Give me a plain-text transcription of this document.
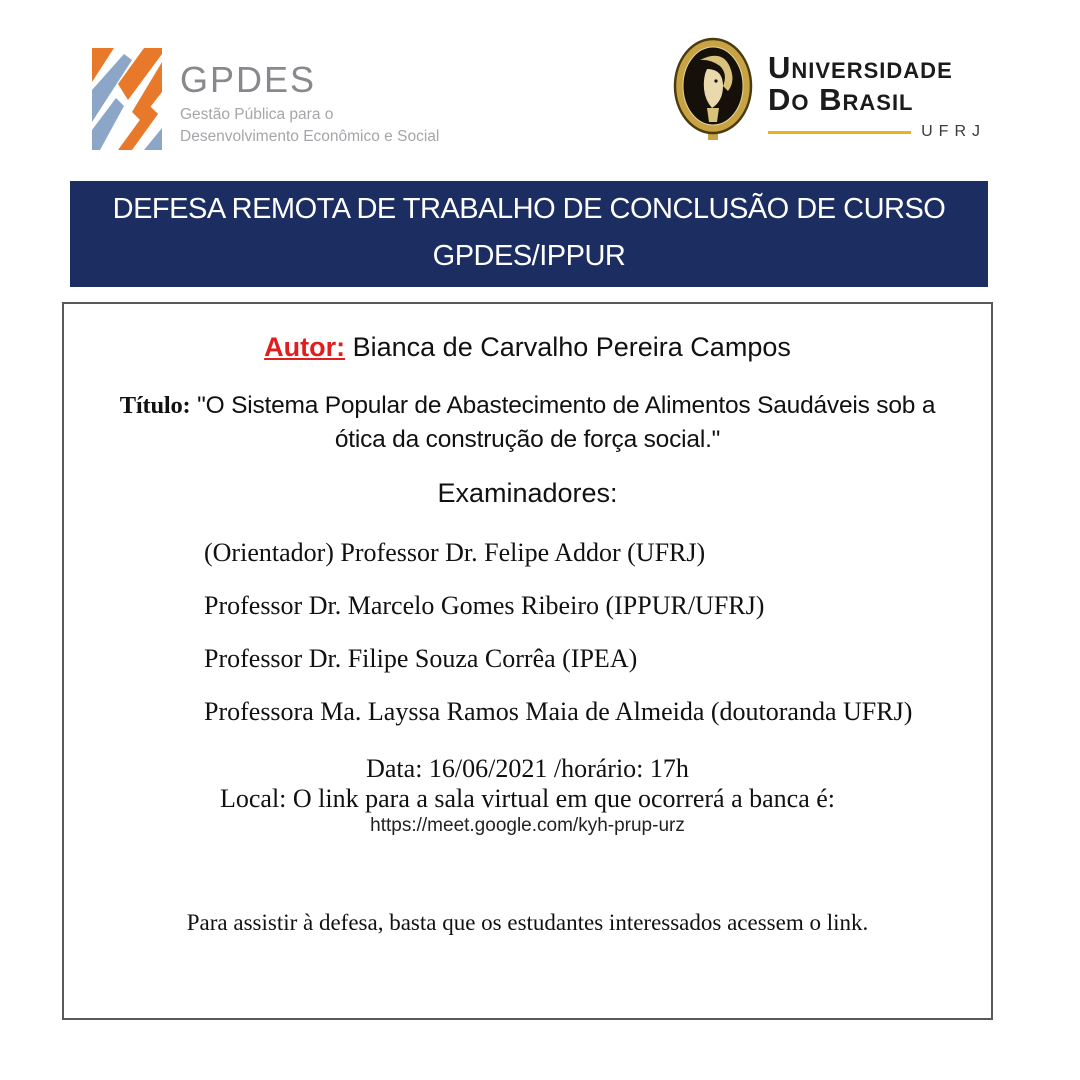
GPDES
Gestão Pública para o
Desenvolvimento Econômico e Social
Universidade
Do Brasil
UFRJ
DEFESA REMOTA DE TRABALHO DE CONCLUSÃO DE CURSO
GPDES/IPPUR
Autor: Bianca de Carvalho Pereira Campos
Título: "O Sistema Popular de Abastecimento de Alimentos Saudáveis sob a ótica da construção de força social."
Examinadores:
(Orientador) Professor Dr. Felipe Addor (UFRJ)
Professor Dr. Marcelo Gomes Ribeiro (IPPUR/UFRJ)
Professor Dr. Filipe Souza Corrêa (IPEA)
Professora Ma. Layssa Ramos Maia de Almeida (doutoranda UFRJ)
Data: 16/06/2021 /horário: 17h
Local: O link para a sala virtual em que ocorrerá a banca é:
https://meet.google.com/kyh-prup-urz
Para assistir à defesa, basta que os estudantes interessados acessem o link.
